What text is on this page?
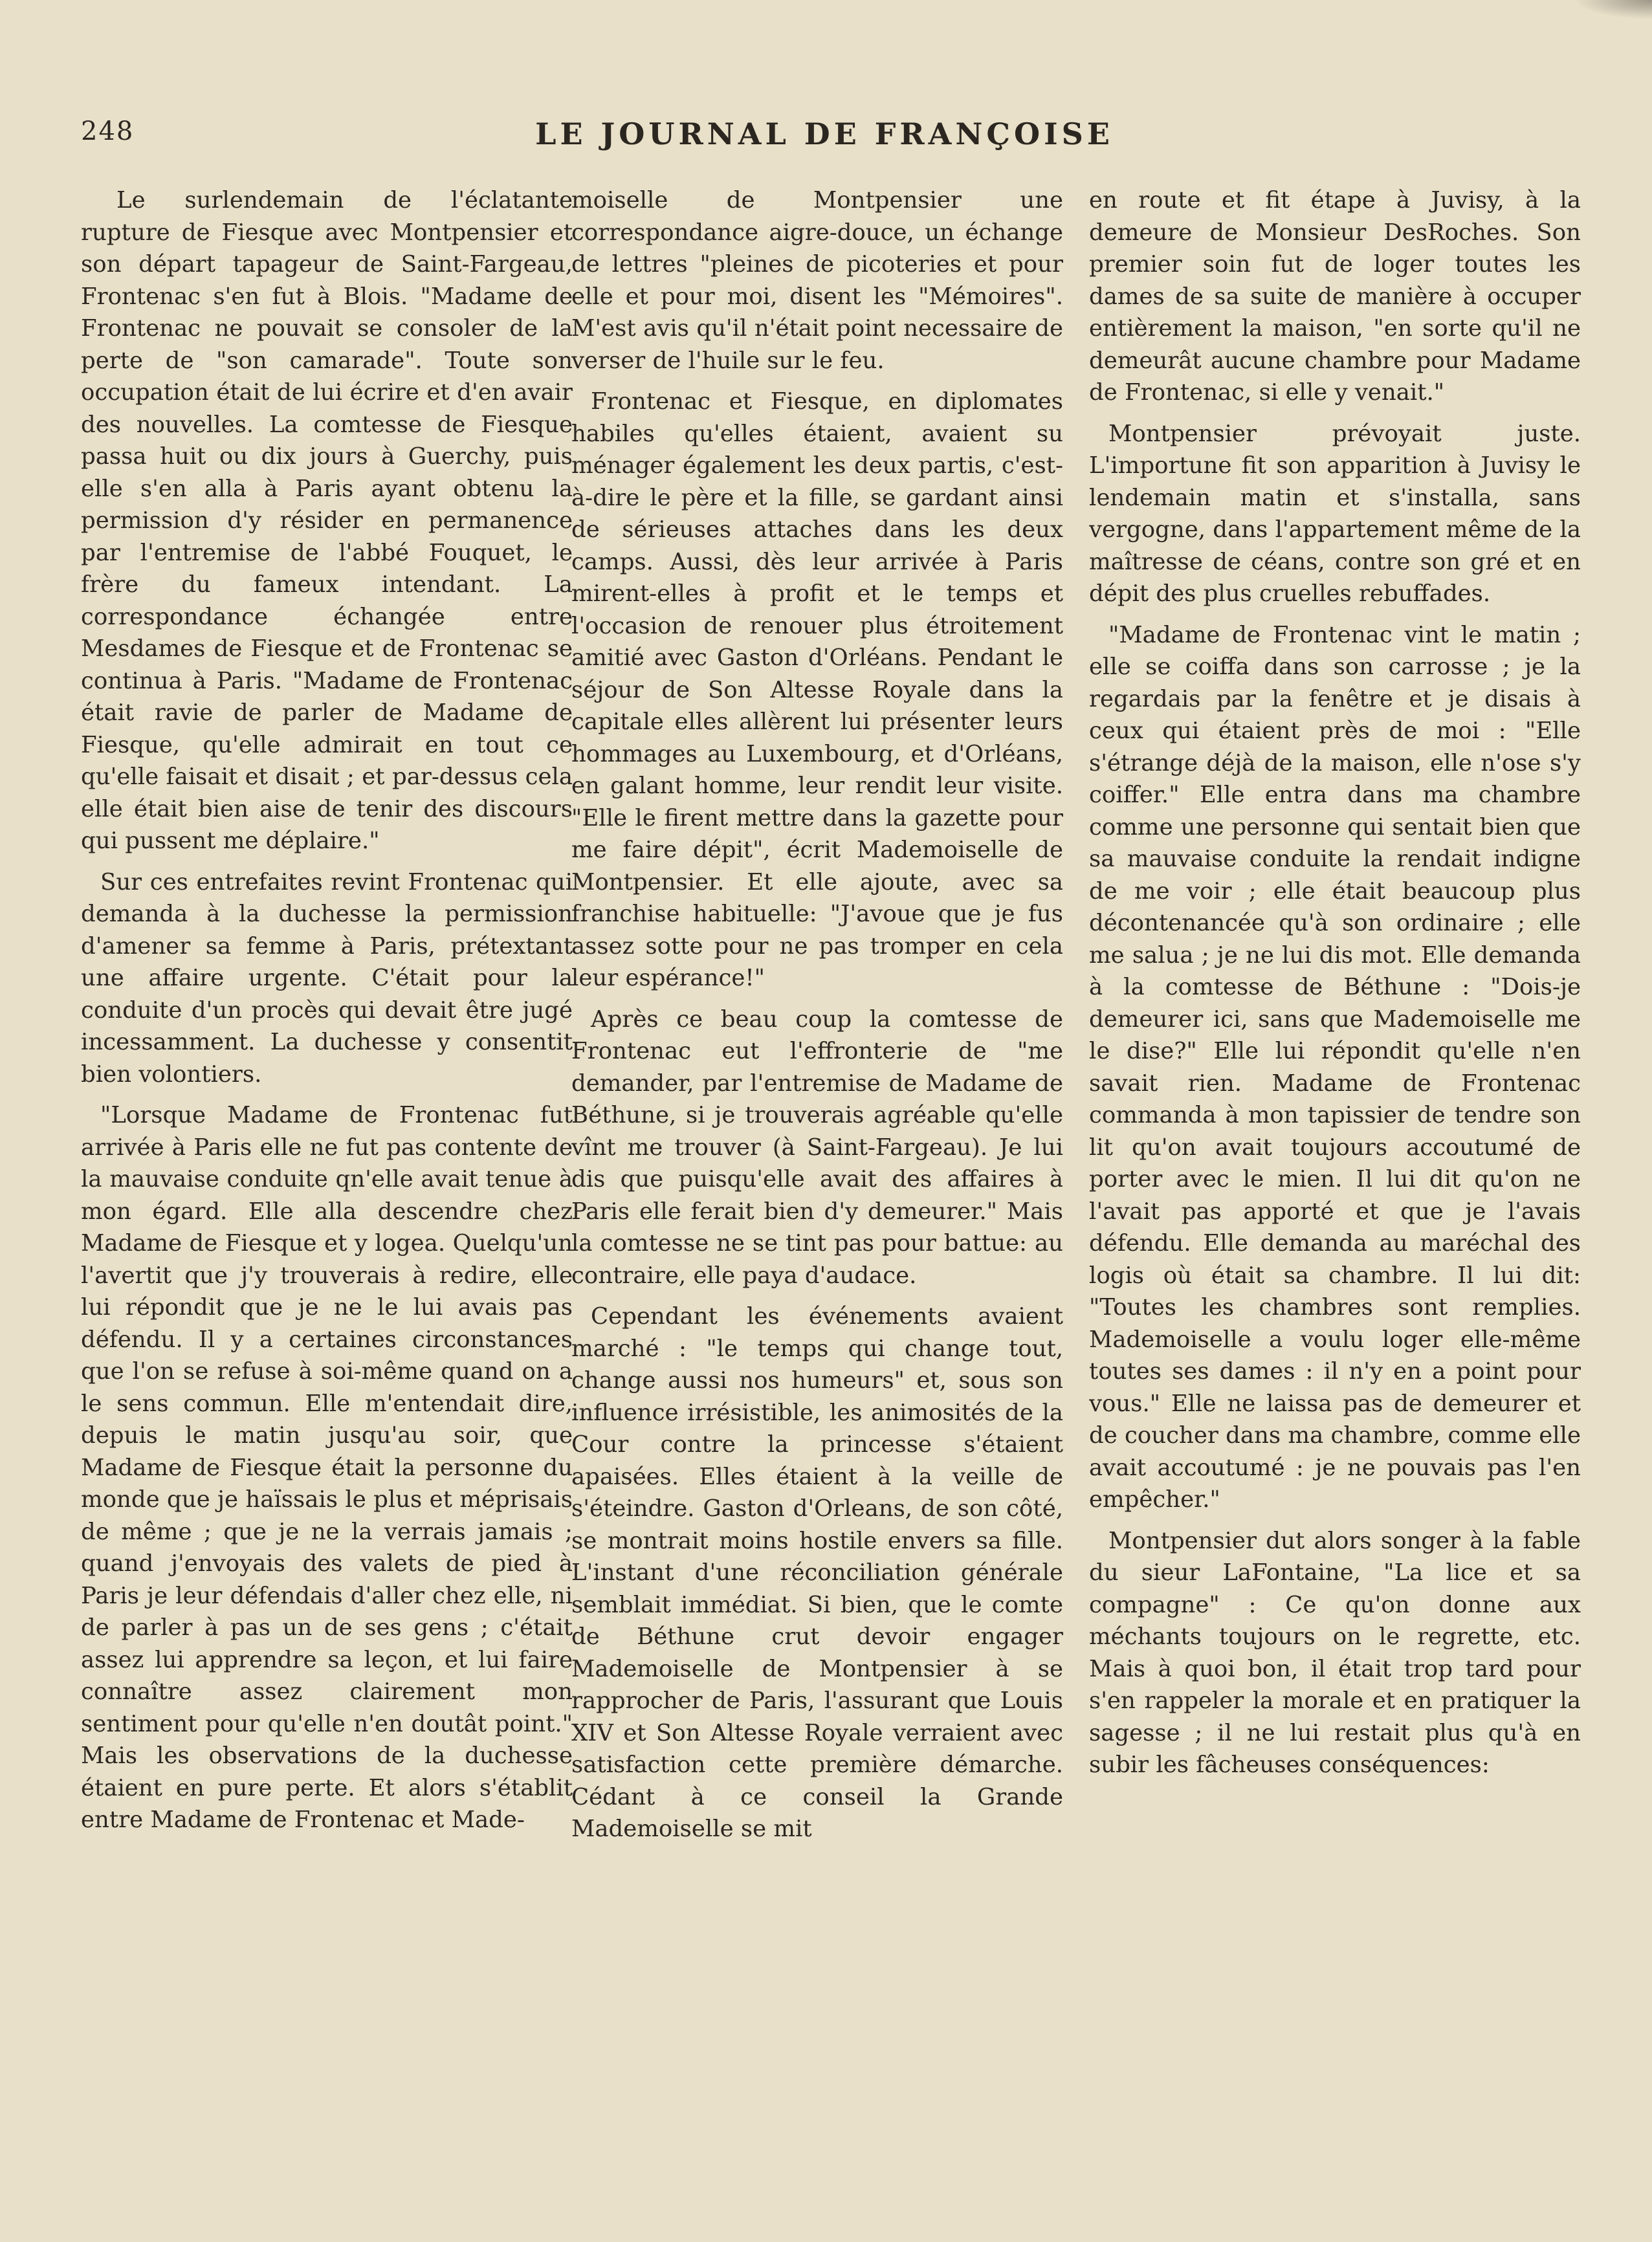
248	LE JOURNAL DE FRANÇOISE

Le surlendemain de l'éclatante rupture de Fiesque avec Montpensier et son départ tapageur de Saint-Fargeau, Frontenac s'en fut à Blois. "Madame de Frontenac ne pouvait se consoler de la perte de "son camarade". Toute son occupation était de lui écrire et d'en avair des nouvelles. La comtesse de Fiesque passa huit ou dix jours à Guerchy, puis elle s'en alla à Paris ayant obtenu la permission d'y résider en permanence par l'entremise de l'abbé Fouquet, le frère du fameux intendant. La correspondance échangée entre Mesdames de Fiesque et de Frontenac se continua à Paris. "Madame de Frontenac était ravie de parler de Madame de Fiesque, qu'elle admirait en tout ce qu'elle faisait et disait ; et par-dessus cela elle était bien aise de tenir des discours qui pussent me déplaire."

Sur ces entrefaites revint Frontenac qui demanda à la duchesse la permission d'amener sa femme à Paris, prétextant une affaire urgente. C'était pour la conduite d'un procès qui devait être jugé incessamment. La duchesse y consentit bien volontiers.

"Lorsque Madame de Frontenac fut arrivée à Paris elle ne fut pas contente de la mauvaise conduite qn'elle avait tenue à mon égard. Elle alla descendre chez Madame de Fiesque et y logea. Quelqu'un l'avertit que j'y trouverais à redire, elle lui répondit que je ne le lui avais pas défendu. Il y a certaines circonstances que l'on se refuse à soi-même quand on a le sens commun. Elle m'entendait dire, depuis le matin jusqu'au soir, que Madame de Fiesque était la personne du monde que je haïssais le plus et méprisais de même ; que je ne la verrais jamais ; quand j'envoyais des valets de pied à Paris je leur défendais d'aller chez elle, ni de parler à pas un de ses gens ; c'était assez lui apprendre sa leçon, et lui faire connaître assez clairement mon sentiment pour qu'elle n'en doutât point." Mais les observations de la duchesse étaient en pure perte. Et alors s'établit entre Madame de Frontenac et Made-

moiselle de Montpensier une correspondance aigre-douce, un échange de lettres "pleines de picoteries et pour elle et pour moi, disent les "Mémoires". M'est avis qu'il n'était point necessaire de verser de l'huile sur le feu.

Frontenac et Fiesque, en diplomates habiles qu'elles étaient, avaient su ménager également les deux partis, c'est-à-dire le père et la fille, se gardant ainsi de sérieuses attaches dans les deux camps. Aussi, dès leur arrivée à Paris mirent-elles à profit et le temps et l'occasion de renouer plus étroitement amitié avec Gaston d'Orléans. Pendant le séjour de Son Altesse Royale dans la capitale elles allèrent lui présenter leurs hommages au Luxembourg, et d'Orléans, en galant homme, leur rendit leur visite. "Elle le firent mettre dans la gazette pour me faire dépit", écrit Mademoiselle de Montpensier. Et elle ajoute, avec sa franchise habituelle: "J'avoue que je fus assez sotte pour ne pas tromper en cela leur espérance!"

Après ce beau coup la comtesse de Frontenac eut l'effronterie de "me demander, par l'entremise de Madame de Béthune, si je trouverais agréable qu'elle vînt me trouver (à Saint-Fargeau). Je lui dis que puisqu'elle avait des affaires à Paris elle ferait bien d'y demeurer." Mais la comtesse ne se tint pas pour battue: au contraire, elle paya d'audace.

Cependant les événements avaient marché : "le temps qui change tout, change aussi nos humeurs" et, sous son influence irrésistible, les animosités de la Cour contre la princesse s'étaient apaisées. Elles étaient à la veille de s'éteindre. Gaston d'Orleans, de son côté, se montrait moins hostile envers sa fille. L'instant d'une réconciliation générale semblait immédiat. Si bien, que le comte de Béthune crut devoir engager Mademoiselle de Montpensier à se rapprocher de Paris, l'assurant que Louis XIV et Son Altesse Royale verraient avec satisfaction cette première démarche. Cédant à ce conseil la Grande Mademoiselle se mit

en route et fit étape à Juvisy, à la demeure de Monsieur DesRoches. Son premier soin fut de loger toutes les dames de sa suite de manière à occuper entièrement la maison, "en sorte qu'il ne demeurât aucune chambre pour Madame de Frontenac, si elle y venait."

Montpensier prévoyait juste. L'importune fit son apparition à Juvisy le lendemain matin et s'installa, sans vergogne, dans l'appartement même de la maîtresse de céans, contre son gré et en dépit des plus cruelles rebuffades.

"Madame de Frontenac vint le matin ; elle se coiffa dans son carrosse ; je la regardais par la fenêtre et je disais à ceux qui étaient près de moi : "Elle s'étrange déjà de la maison, elle n'ose s'y coiffer." Elle entra dans ma chambre comme une personne qui sentait bien que sa mauvaise conduite la rendait indigne de me voir ; elle était beaucoup plus décontenancée qu'à son ordinaire ; elle me salua ; je ne lui dis mot. Elle demanda à la comtesse de Béthune : "Dois-je demeurer ici, sans que Mademoiselle me le dise?" Elle lui répondit qu'elle n'en savait rien. Madame de Frontenac commanda à mon tapissier de tendre son lit qu'on avait toujours accoutumé de porter avec le mien. Il lui dit qu'on ne l'avait pas apporté et que je l'avais défendu. Elle demanda au maréchal des logis où était sa chambre. Il lui dit: "Toutes les chambres sont remplies. Mademoiselle a voulu loger elle-même toutes ses dames : il n'y en a point pour vous." Elle ne laissa pas de demeurer et de coucher dans ma chambre, comme elle avait accoutumé : je ne pouvais pas l'en empêcher."

Montpensier dut alors songer à la fable du sieur LaFontaine, "La lice et sa compagne" : Ce qu'on donne aux méchants toujours on le regrette, etc. Mais à quoi bon, il était trop tard pour s'en rappeler la morale et en pratiquer la sagesse ; il ne lui restait plus qu'à en subir les fâcheuses conséquences:
